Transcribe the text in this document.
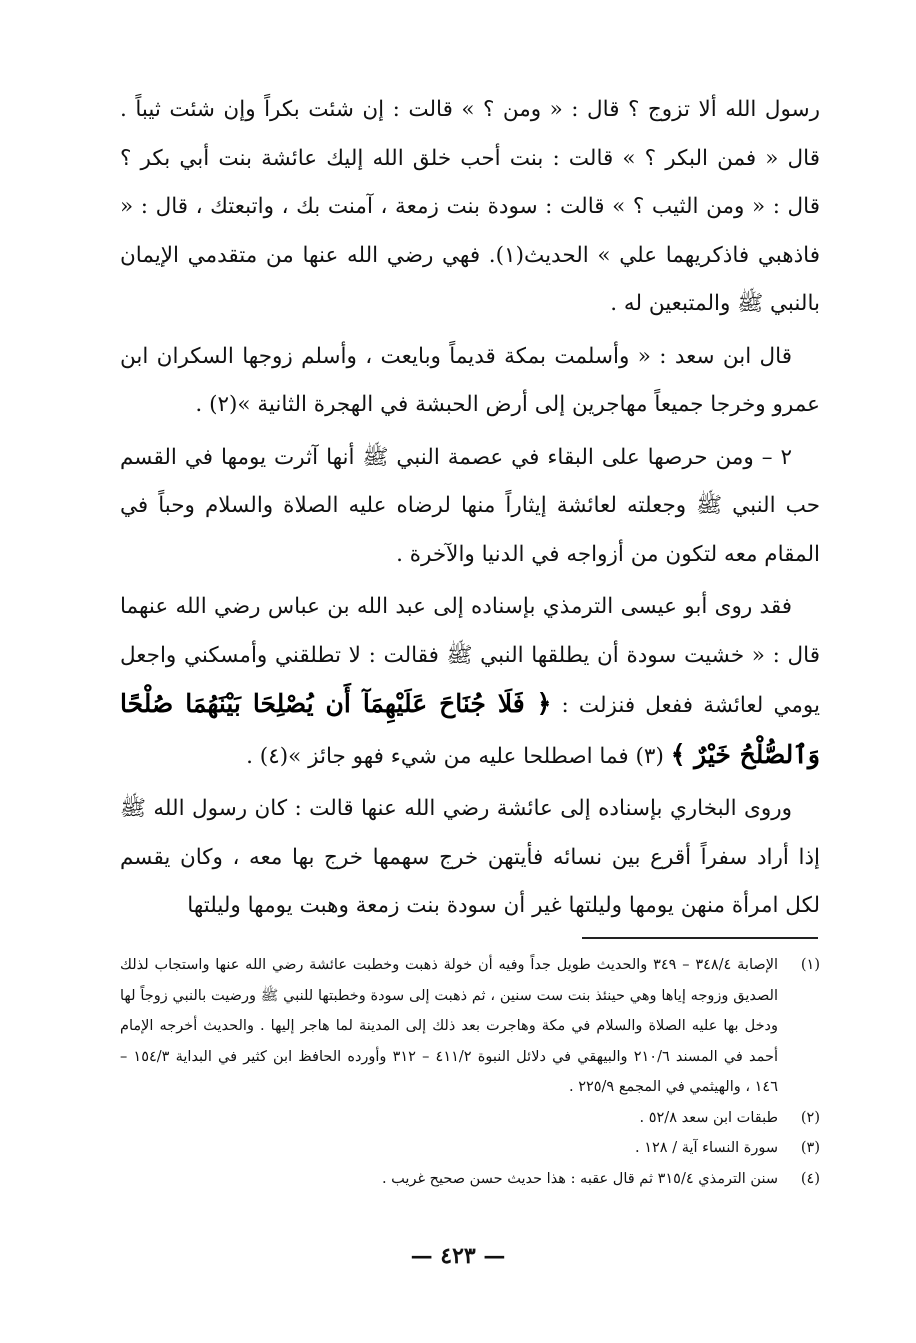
رسول الله ألا تزوج ؟ قال : « ومن ؟ » قالت : إن شئت بكراً وإن شئت ثيباً . قال « فمن البكر ؟ » قالت : بنت أحب خلق الله إليك عائشة بنت أبي بكر ؟ قال : « ومن الثيب ؟ » قالت : سودة بنت زمعة ، آمنت بك ، واتبعتك ، قال : « فاذهبي فاذكريهما علي » الحديث(١). فهي رضي الله عنها من متقدمي الإيمان بالنبي ﷺ والمتبعين له .

قال ابن سعد : « وأسلمت بمكة قديماً وبايعت ، وأسلم زوجها السكران ابن عمرو وخرجا جميعاً مهاجرين إلى أرض الحبشة في الهجرة الثانية »(٢) .

٢ – ومن حرصها على البقاء في عصمة النبي ﷺ أنها آثرت يومها في القسم حب النبي ﷺ وجعلته لعائشة إيثاراً منها لرضاه عليه الصلاة والسلام وحباً في المقام معه لتكون من أزواجه في الدنيا والآخرة .

فقد روى أبو عيسى الترمذي بإسناده إلى عبد الله بن عباس رضي الله عنهما قال : « خشيت سودة أن يطلقها النبي ﷺ فقالت : لا تطلقني وأمسكني واجعل يومي لعائشة ففعل فنزلت : ﴿ فَلَا جُنَاحَ عَلَيْهِمَآ أَن يُصْلِحَا بَيْنَهُمَا صُلْحًا وَٱلصُّلْحُ خَيْرٌ ﴾ (٣) فما اصطلحا عليه من شيء فهو جائز »(٤) .

وروى البخاري بإسناده إلى عائشة رضي الله عنها قالت : كان رسول الله ﷺ إذا أراد سفراً أقرع بين نسائه فأيتهن خرج سهمها خرج بها معه ، وكان يقسم لكل امرأة منهن يومها وليلتها غير أن سودة بنت زمعة وهبت يومها وليلتها

(١)
الإصابة ٣٤٨/٤ – ٣٤٩ والحديث طويل جداً وفيه أن خولة ذهبت وخطبت عائشة رضي الله عنها واستجاب لذلك الصديق وزوجه إياها وهي حينئذ بنت ست سنين ، ثم ذهبت إلى سودة وخطبتها للنبي ﷺ ورضيت بالنبي زوجاً لها ودخل بها عليه الصلاة والسلام في مكة وهاجرت بعد ذلك إلى المدينة لما هاجر إليها . والحديث أخرجه الإمام أحمد في المسند ٢١٠/٦ والبيهقي في دلائل النبوة ٤١١/٢ – ٣١٢ وأورده الحافظ ابن كثير في البداية ١٥٤/٣ – ١٤٦ ، والهيثمي في المجمع ٢٢٥/٩ .
(٢)
طبقات ابن سعد ٥٢/٨ .
(٣)
سورة النساء آية / ١٢٨ .
(٤)
سنن الترمذي ٣١٥/٤ ثم قال عقبه : هذا حديث حسن صحيح غريب .
— ٤٢٣ —
